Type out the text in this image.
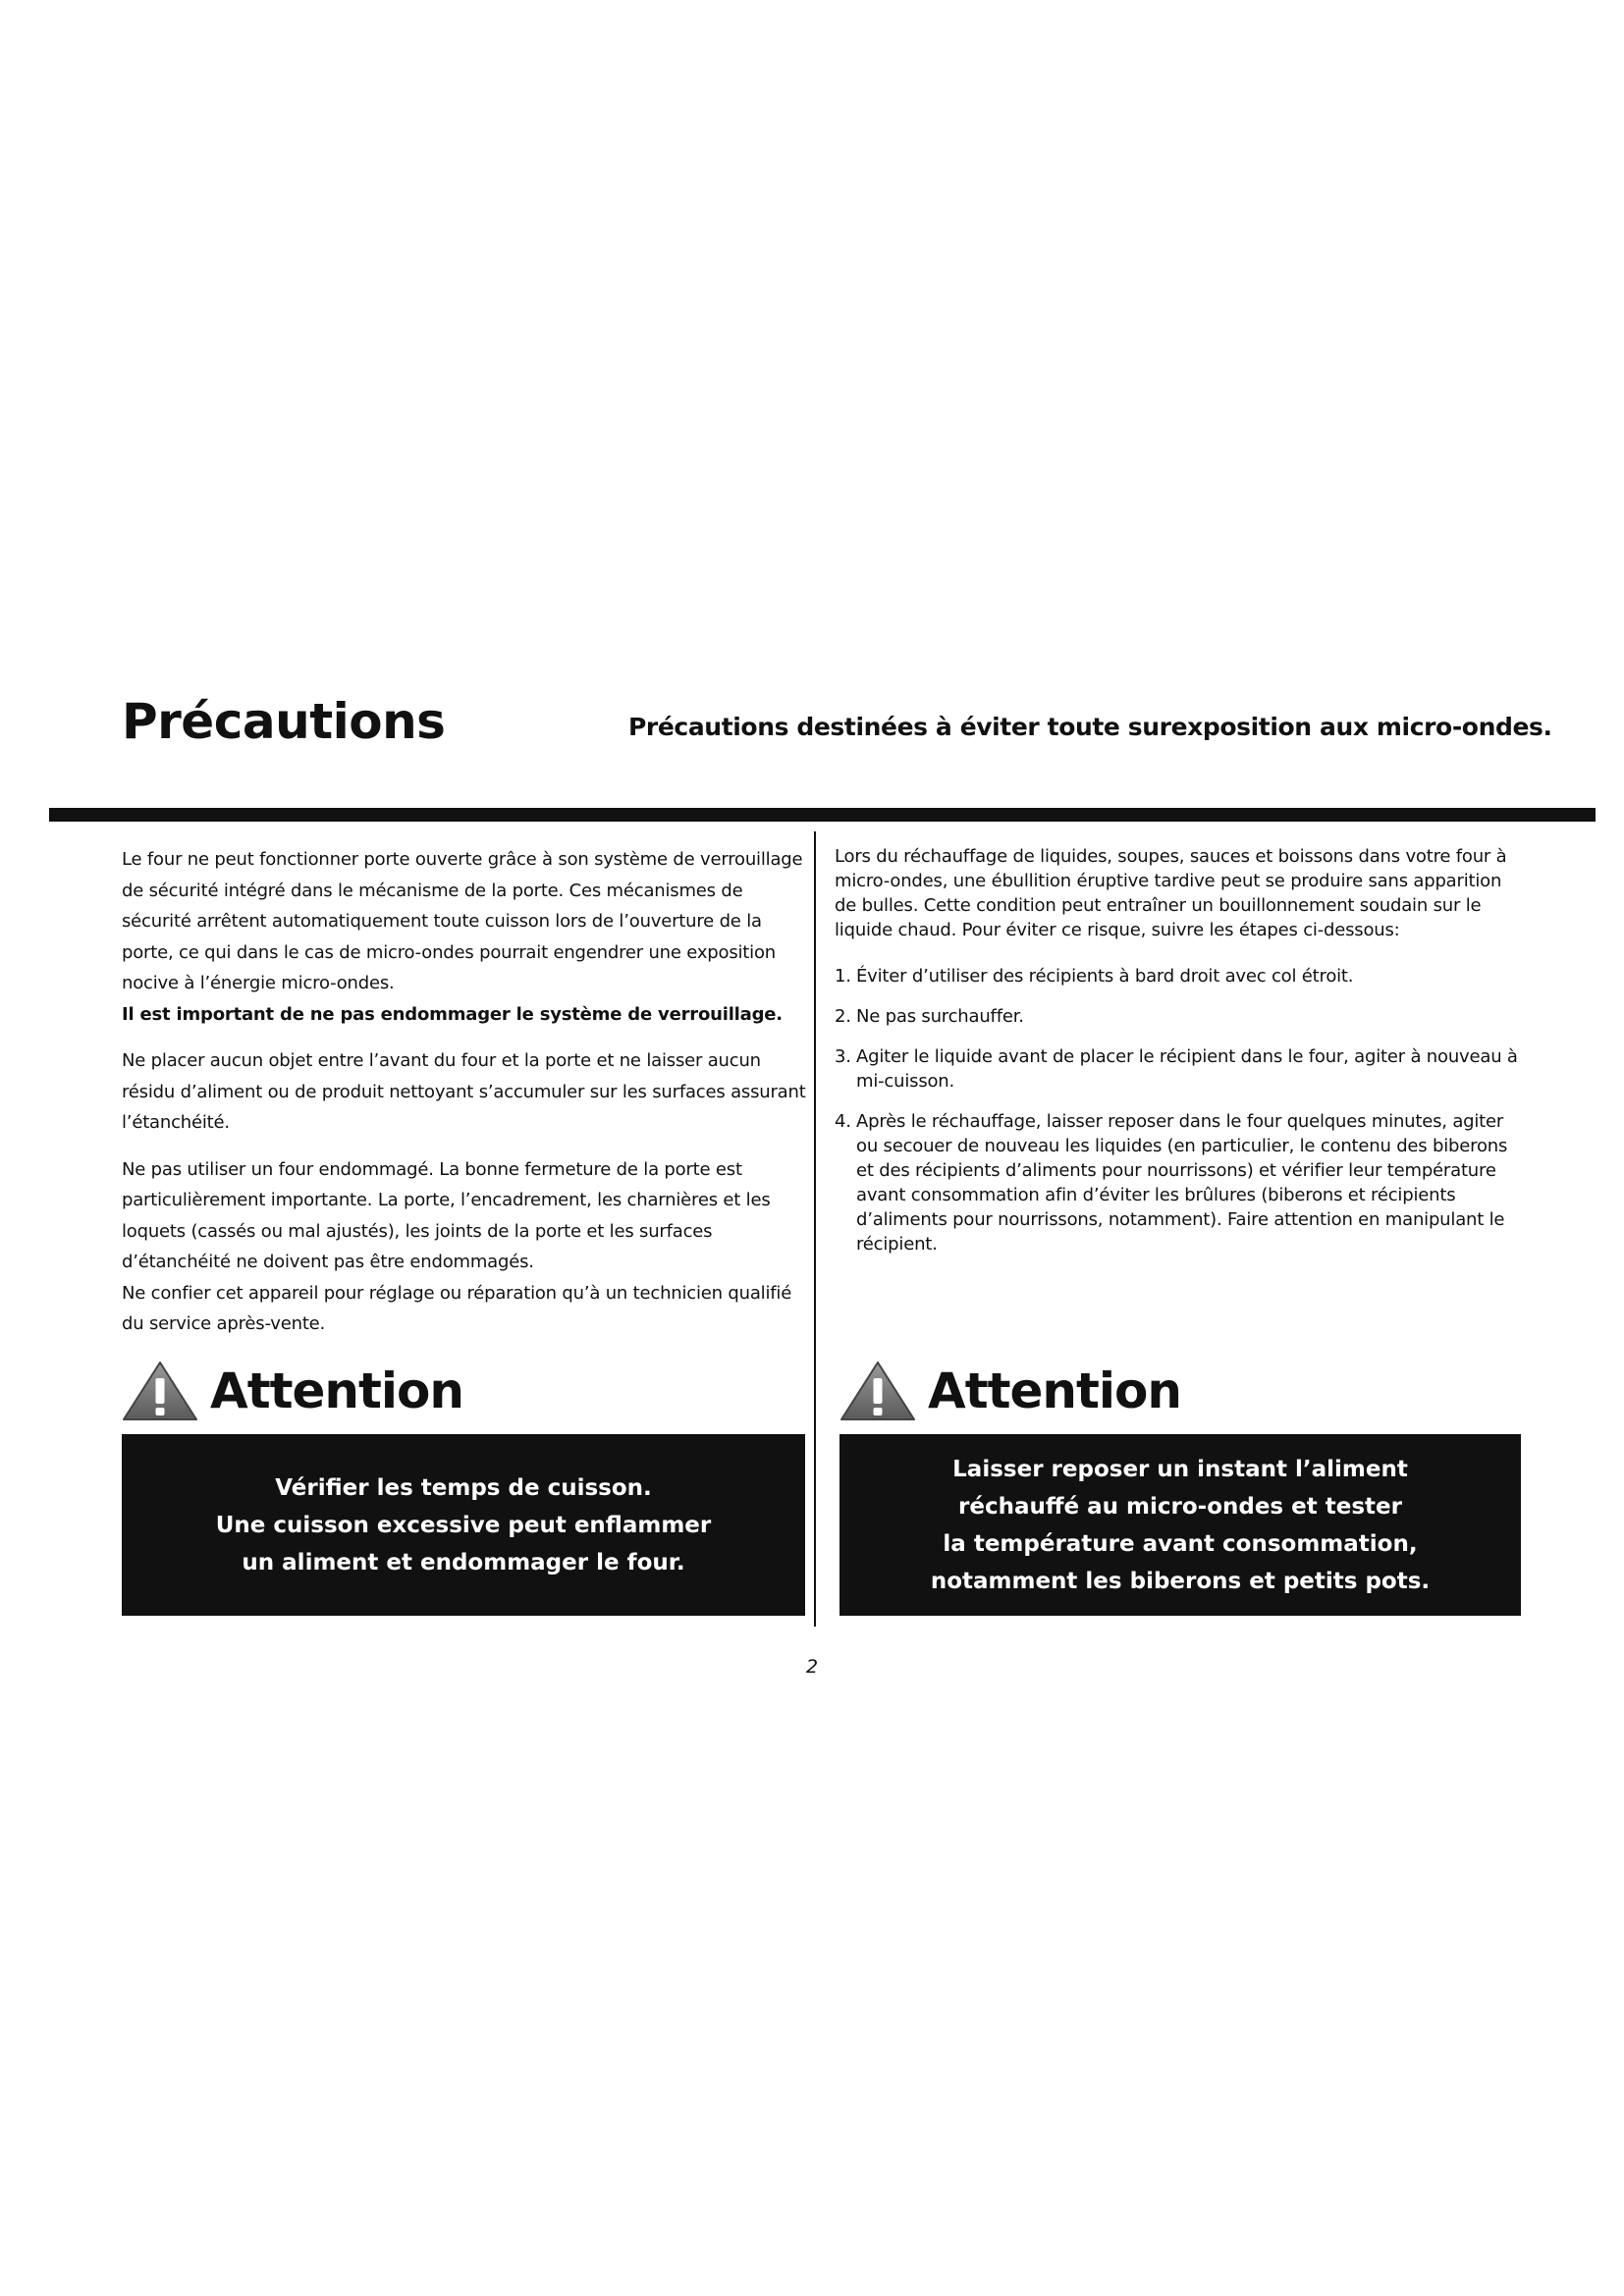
Précautions	Précautions destinées à éviter toute surexposition aux micro-ondes.

Le four ne peut fonctionner porte ouverte grâce à son système de verrouillage de sécurité intégré dans le mécanisme de la porte. Ces mécanismes de sécurité arrêtent automatiquement toute cuisson lors de l’ouverture de la porte, ce qui dans le cas de micro-ondes pourrait engendrer une exposition nocive à l’énergie micro-ondes.

Il est important de ne pas endommager le système de verrouillage.

Ne placer aucun objet entre l’avant du four et la porte et ne laisser aucun résidu d’aliment ou de produit nettoyant s’accumuler sur les surfaces assurant l’étanchéité.

Ne pas utiliser un four endommagé. La bonne fermeture de la porte est particulièrement importante. La porte, l’encadrement, les charnières et les loquets (cassés ou mal ajustés), les joints de la porte et les surfaces d’étanchéité ne doivent pas être endommagés.

Ne confier cet appareil pour réglage ou réparation qu’à un technicien qualifié du service après-vente.

Lors du réchauffage de liquides, soupes, sauces et boissons dans votre four à micro-ondes, une ébullition éruptive tardive peut se produire sans apparition de bulles. Cette condition peut entraîner un bouillonnement soudain sur le liquide chaud. Pour éviter ce risque, suivre les étapes ci-dessous:

1. Éviter d’utiliser des récipients à bard droit avec col étroit.
2. Ne pas surchauffer.
3. Agiter le liquide avant de placer le récipient dans le four, agiter à nouveau à mi-cuisson.
4. Après le réchauffage, laisser reposer dans le four quelques minutes, agiter ou secouer de nouveau les liquides (en particulier, le contenu des biberons et des récipients d’aliments pour nourrissons) et vérifier leur température avant consommation afin d’éviter les brûlures (biberons et récipients d’aliments pour nourrissons, notamment). Faire attention en manipulant le récipient.
Attention	Attention
Vérifier les temps de cuisson.
Une cuisson excessive peut enflammer
un aliment et endommager le four.
Laisser reposer un instant l’aliment
réchauffé au micro-ondes et tester
la température avant consommation,
notamment les biberons et petits pots.
2
